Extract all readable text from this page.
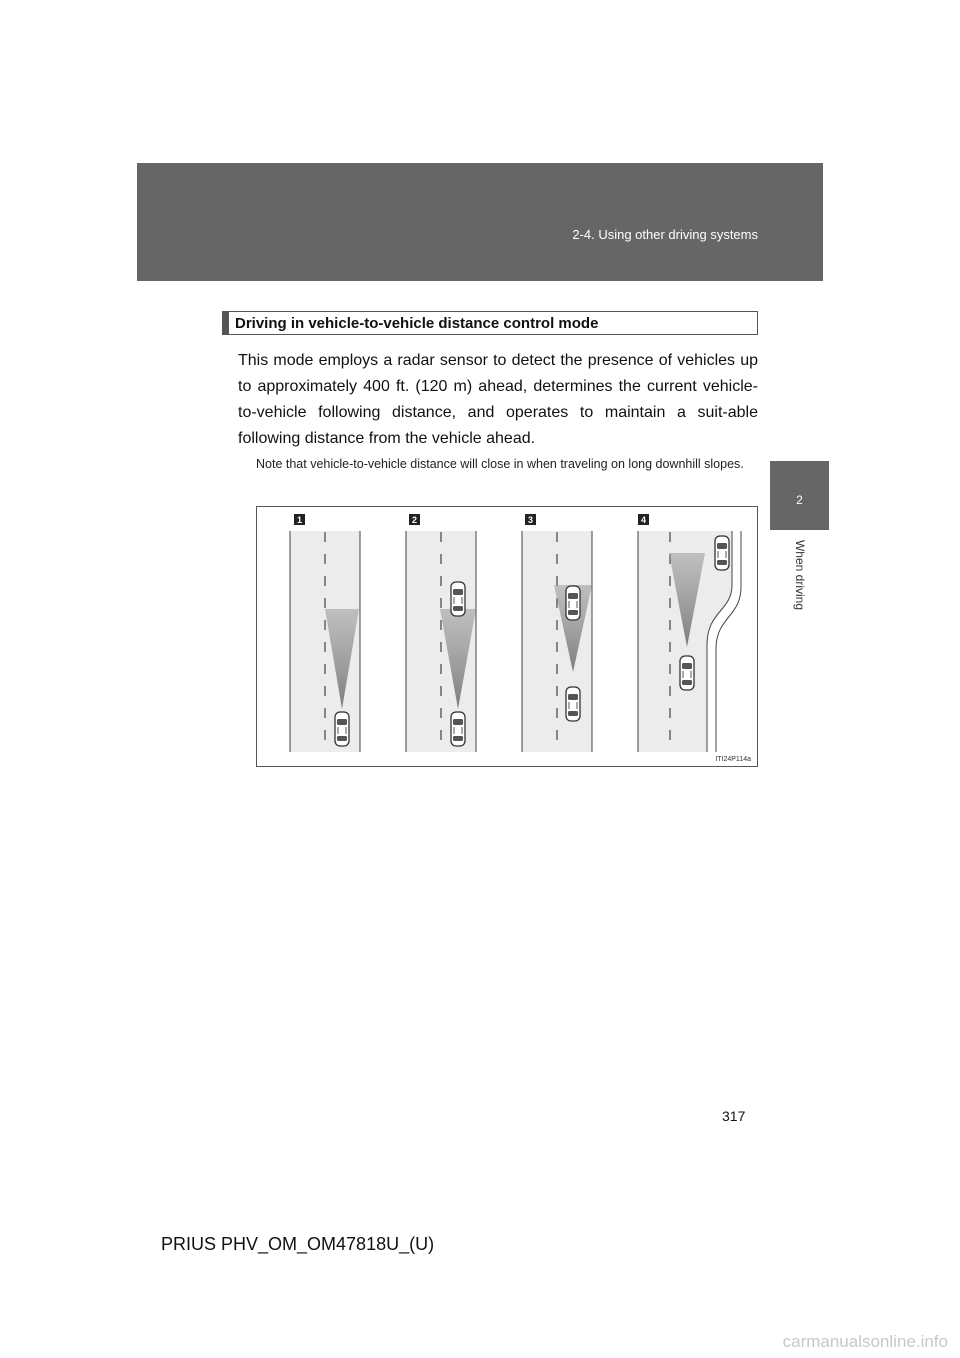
2-4. Using other driving systems
2
When driving
Driving in vehicle-to-vehicle distance control mode
This mode employs a radar sensor to detect the presence of vehicles up to approximately 400 ft. (120 m) ahead, determines the current vehicle-to-vehicle following distance, and operates to maintain a suit-able following distance from the vehicle ahead.
Note that vehicle-to-vehicle distance will close in when traveling on long downhill slopes.
1	2	3	4
ITI24P114a
317
PRIUS PHV_OM_OM47818U_(U)
carmanualsonline.info
